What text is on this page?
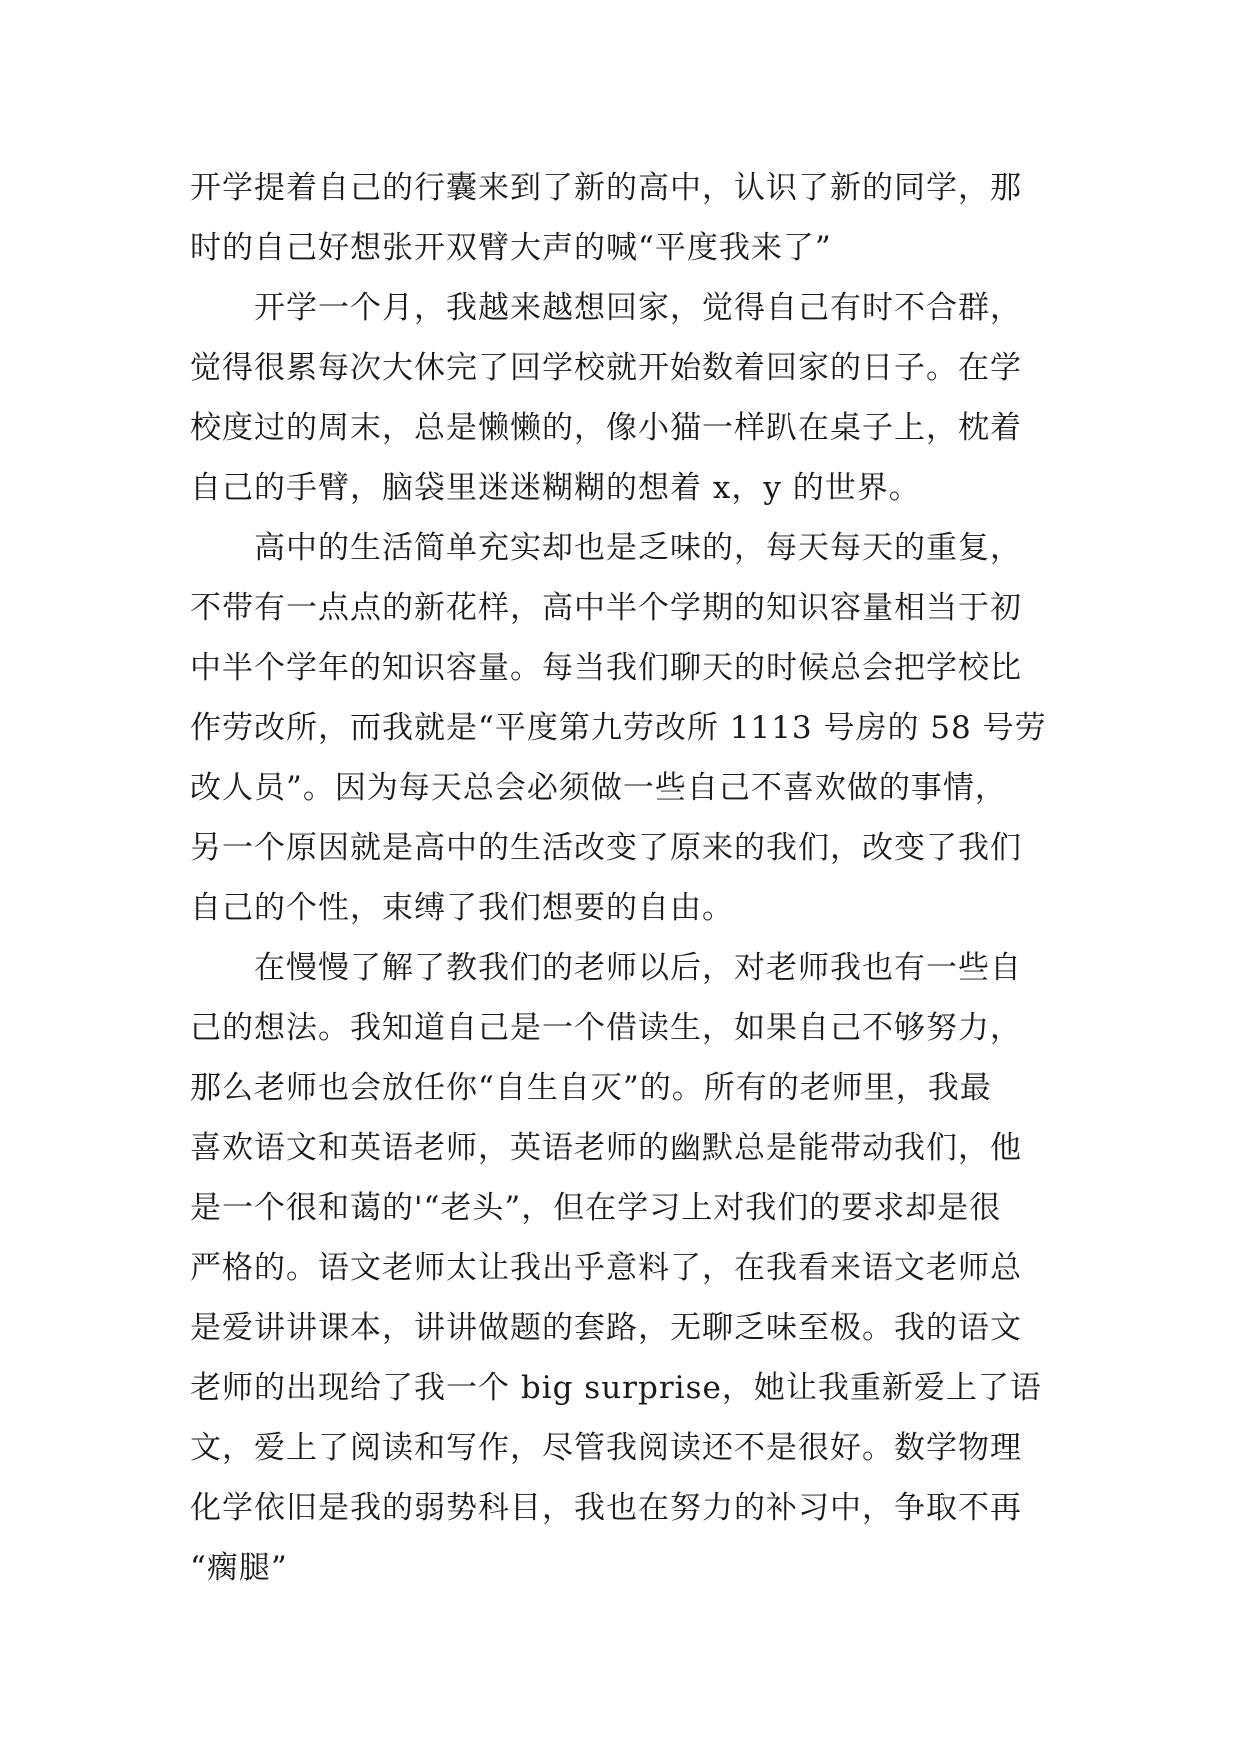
开学提着自己的行囊来到了新的高中，认识了新的同学，那
时的自己好想张开双臂大声的喊“平度我来了”
　　开学一个月，我越来越想回家，觉得自己有时不合群，
觉得很累每次大休完了回学校就开始数着回家的日子。在学
校度过的周末，总是懒懒的，像小猫一样趴在桌子上，枕着
自己的手臂，脑袋里迷迷糊糊的想着 x，y 的世界。
　　高中的生活简单充实却也是乏味的，每天每天的重复，
不带有一点点的新花样，高中半个学期的知识容量相当于初
中半个学年的知识容量。每当我们聊天的时候总会把学校比
作劳改所，而我就是“平度第九劳改所 1113 号房的 58 号劳
改人员”。因为每天总会必须做一些自己不喜欢做的事情，
另一个原因就是高中的生活改变了原来的我们，改变了我们
自己的个性，束缚了我们想要的自由。
　　在慢慢了解了教我们的老师以后，对老师我也有一些自
己的想法。我知道自己是一个借读生，如果自己不够努力，
那么老师也会放任你“自生自灭”的。所有的老师里，我最
喜欢语文和英语老师，英语老师的幽默总是能带动我们，他
是一个很和蔼的'“老头”，但在学习上对我们的要求却是很
严格的。语文老师太让我出乎意料了，在我看来语文老师总
是爱讲讲课本，讲讲做题的套路，无聊乏味至极。我的语文
老师的出现给了我一个 big surprise，她让我重新爱上了语
文，爱上了阅读和写作，尽管我阅读还不是很好。数学物理
化学依旧是我的弱势科目，我也在努力的补习中，争取不再
“瘸腿”
